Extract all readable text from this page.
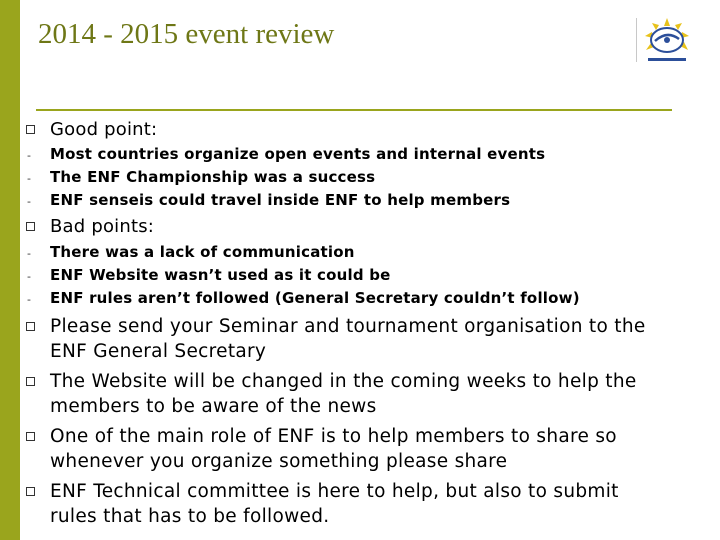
2014 - 2015 event review
Good point:
- Most countries organize open events and internal events
- The ENF Championship was a success
- ENF senseis could travel inside ENF to help members
Bad points:
- There was a lack of communication
- ENF Website wasn’t used as it could be
- ENF rules aren’t followed (General Secretary couldn’t follow)
Please send your Seminar and tournament organisation to the
ENF General Secretary
The Website will be changed in the coming weeks to help the
members to be aware of the news
One of the main role of ENF is to help members to share so
whenever you organize something please share
ENF Technical committee is here to help, but also to submit
rules that has to be followed.
